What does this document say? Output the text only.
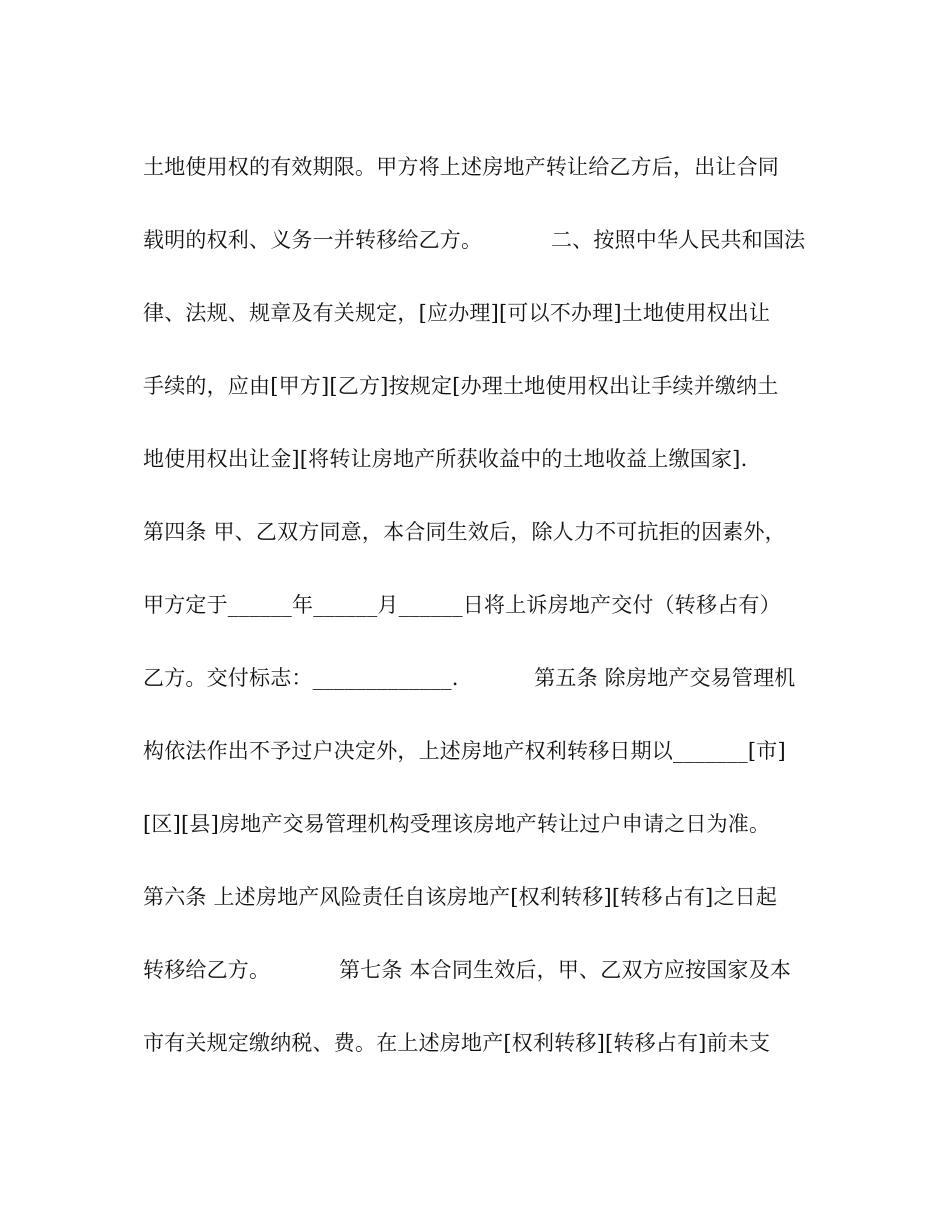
土地使用权的有效期限。甲方将上述房地产转让给乙方后，出让合同
载明的权利、义务一并转移给乙方。          二、按照中华人民共和国法
律、法规、规章及有关规定，[应办理][可以不办理]土地使用权出让
手续的，应由[甲方][乙方]按规定[办理土地使用权出让手续并缴纳土
地使用权出让金][将转让房地产所获收益中的土地收益上缴国家].
第四条 甲、乙双方同意，本合同生效后，除人力不可抗拒的因素外，
甲方定于______年______月______日将上诉房地产交付（转移占有）
乙方。交付标志：_____________.           第五条 除房地产交易管理机
构依法作出不予过户决定外，上述房地产权利转移日期以_______[市]
[区][县]房地产交易管理机构受理该房地产转让过户申请之日为准。
第六条 上述房地产风险责任自该房地产[权利转移][转移占有]之日起
转移给乙方。          第七条 本合同生效后，甲、乙双方应按国家及本
市有关规定缴纳税、费。在上述房地产[权利转移][转移占有]前未支
